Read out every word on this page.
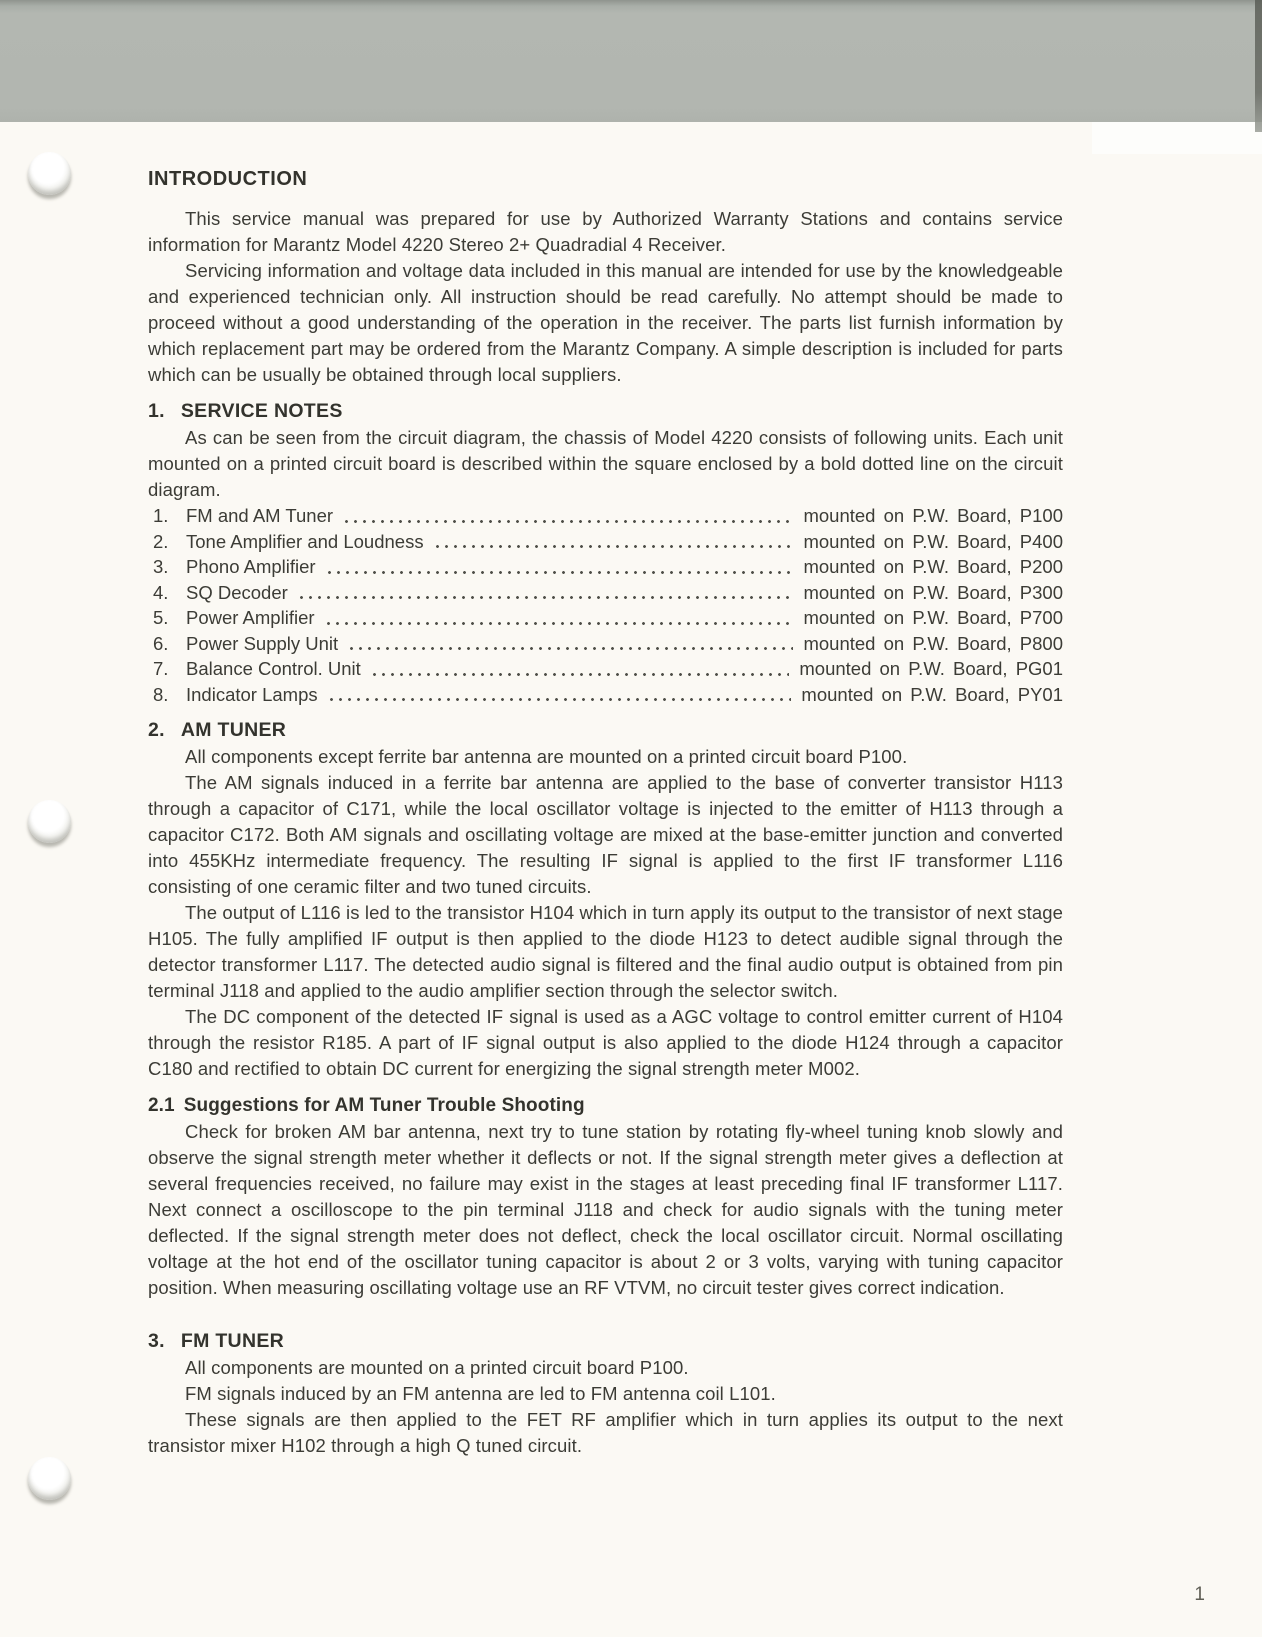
INTRODUCTION

This service manual was prepared for use by Authorized Warranty Stations and contains service information for Marantz Model 4220 Stereo 2+ Quadradial 4 Receiver.

Servicing information and voltage data included in this manual are intended for use by the knowledgeable and experienced technician only. All instruction should be read carefully. No attempt should be made to proceed without a good understanding of the operation in the receiver. The parts list furnish information by which replacement part may be ordered from the Marantz Company. A simple description is included for parts which can be usually be obtained through local suppliers.

1. SERVICE NOTES

As can be seen from the circuit diagram, the chassis of Model 4220 consists of following units. Each unit mounted on a printed circuit board is described within the square enclosed by a bold dotted line on the circuit diagram.

1. FM and AM Tuner	mounted on P.W. Board, P100
2. Tone Amplifier and Loudness	mounted on P.W. Board, P400
3. Phono Amplifier	mounted on P.W. Board, P200
4. SQ Decoder	mounted on P.W. Board, P300
5. Power Amplifier	mounted on P.W. Board, P700
6. Power Supply Unit	mounted on P.W. Board, P800
7. Balance Control. Unit	mounted on P.W. Board, PG01
8. Indicator Lamps	mounted on P.W. Board, PY01
2. AM TUNER

All components except ferrite bar antenna are mounted on a printed circuit board P100.

The AM signals induced in a ferrite bar antenna are applied to the base of converter transistor H113 through a capacitor of C171, while the local oscillator voltage is injected to the emitter of H113 through a capacitor C172. Both AM signals and oscillating voltage are mixed at the base-emitter junction and converted into 455KHz intermediate frequency. The resulting IF signal is applied to the first IF transformer L116 consisting of one ceramic filter and two tuned circuits.

The output of L116 is led to the transistor H104 which in turn apply its output to the transistor of next stage H105. The fully amplified IF output is then applied to the diode H123 to detect audible signal through the detector transformer L117. The detected audio signal is filtered and the final audio output is obtained from pin terminal J118 and applied to the audio amplifier section through the selector switch.

The DC component of the detected IF signal is used as a AGC voltage to control emitter current of H104 through the resistor R185. A part of IF signal output is also applied to the diode H124 through a capacitor C180 and rectified to obtain DC current for energizing the signal strength meter M002.

2.1 Suggestions for AM Tuner Trouble Shooting

Check for broken AM bar antenna, next try to tune station by rotating fly-wheel tuning knob slowly and observe the signal strength meter whether it deflects or not. If the signal strength meter gives a deflection at several frequencies received, no failure may exist in the stages at least preceding final IF transformer L117. Next connect a oscilloscope to the pin terminal J118 and check for audio signals with the tuning meter deflected. If the signal strength meter does not deflect, check the local oscillator circuit. Normal oscillating voltage at the hot end of the oscillator tuning capacitor is about 2 or 3 volts, varying with tuning capacitor position. When measuring oscillating voltage use an RF VTVM, no circuit tester gives correct indication.

3. FM TUNER

All components are mounted on a printed circuit board P100.

FM signals induced by an FM antenna are led to FM antenna coil L101.

These signals are then applied to the FET RF amplifier which in turn applies its output to the next transistor mixer H102 through a high Q tuned circuit.

1
